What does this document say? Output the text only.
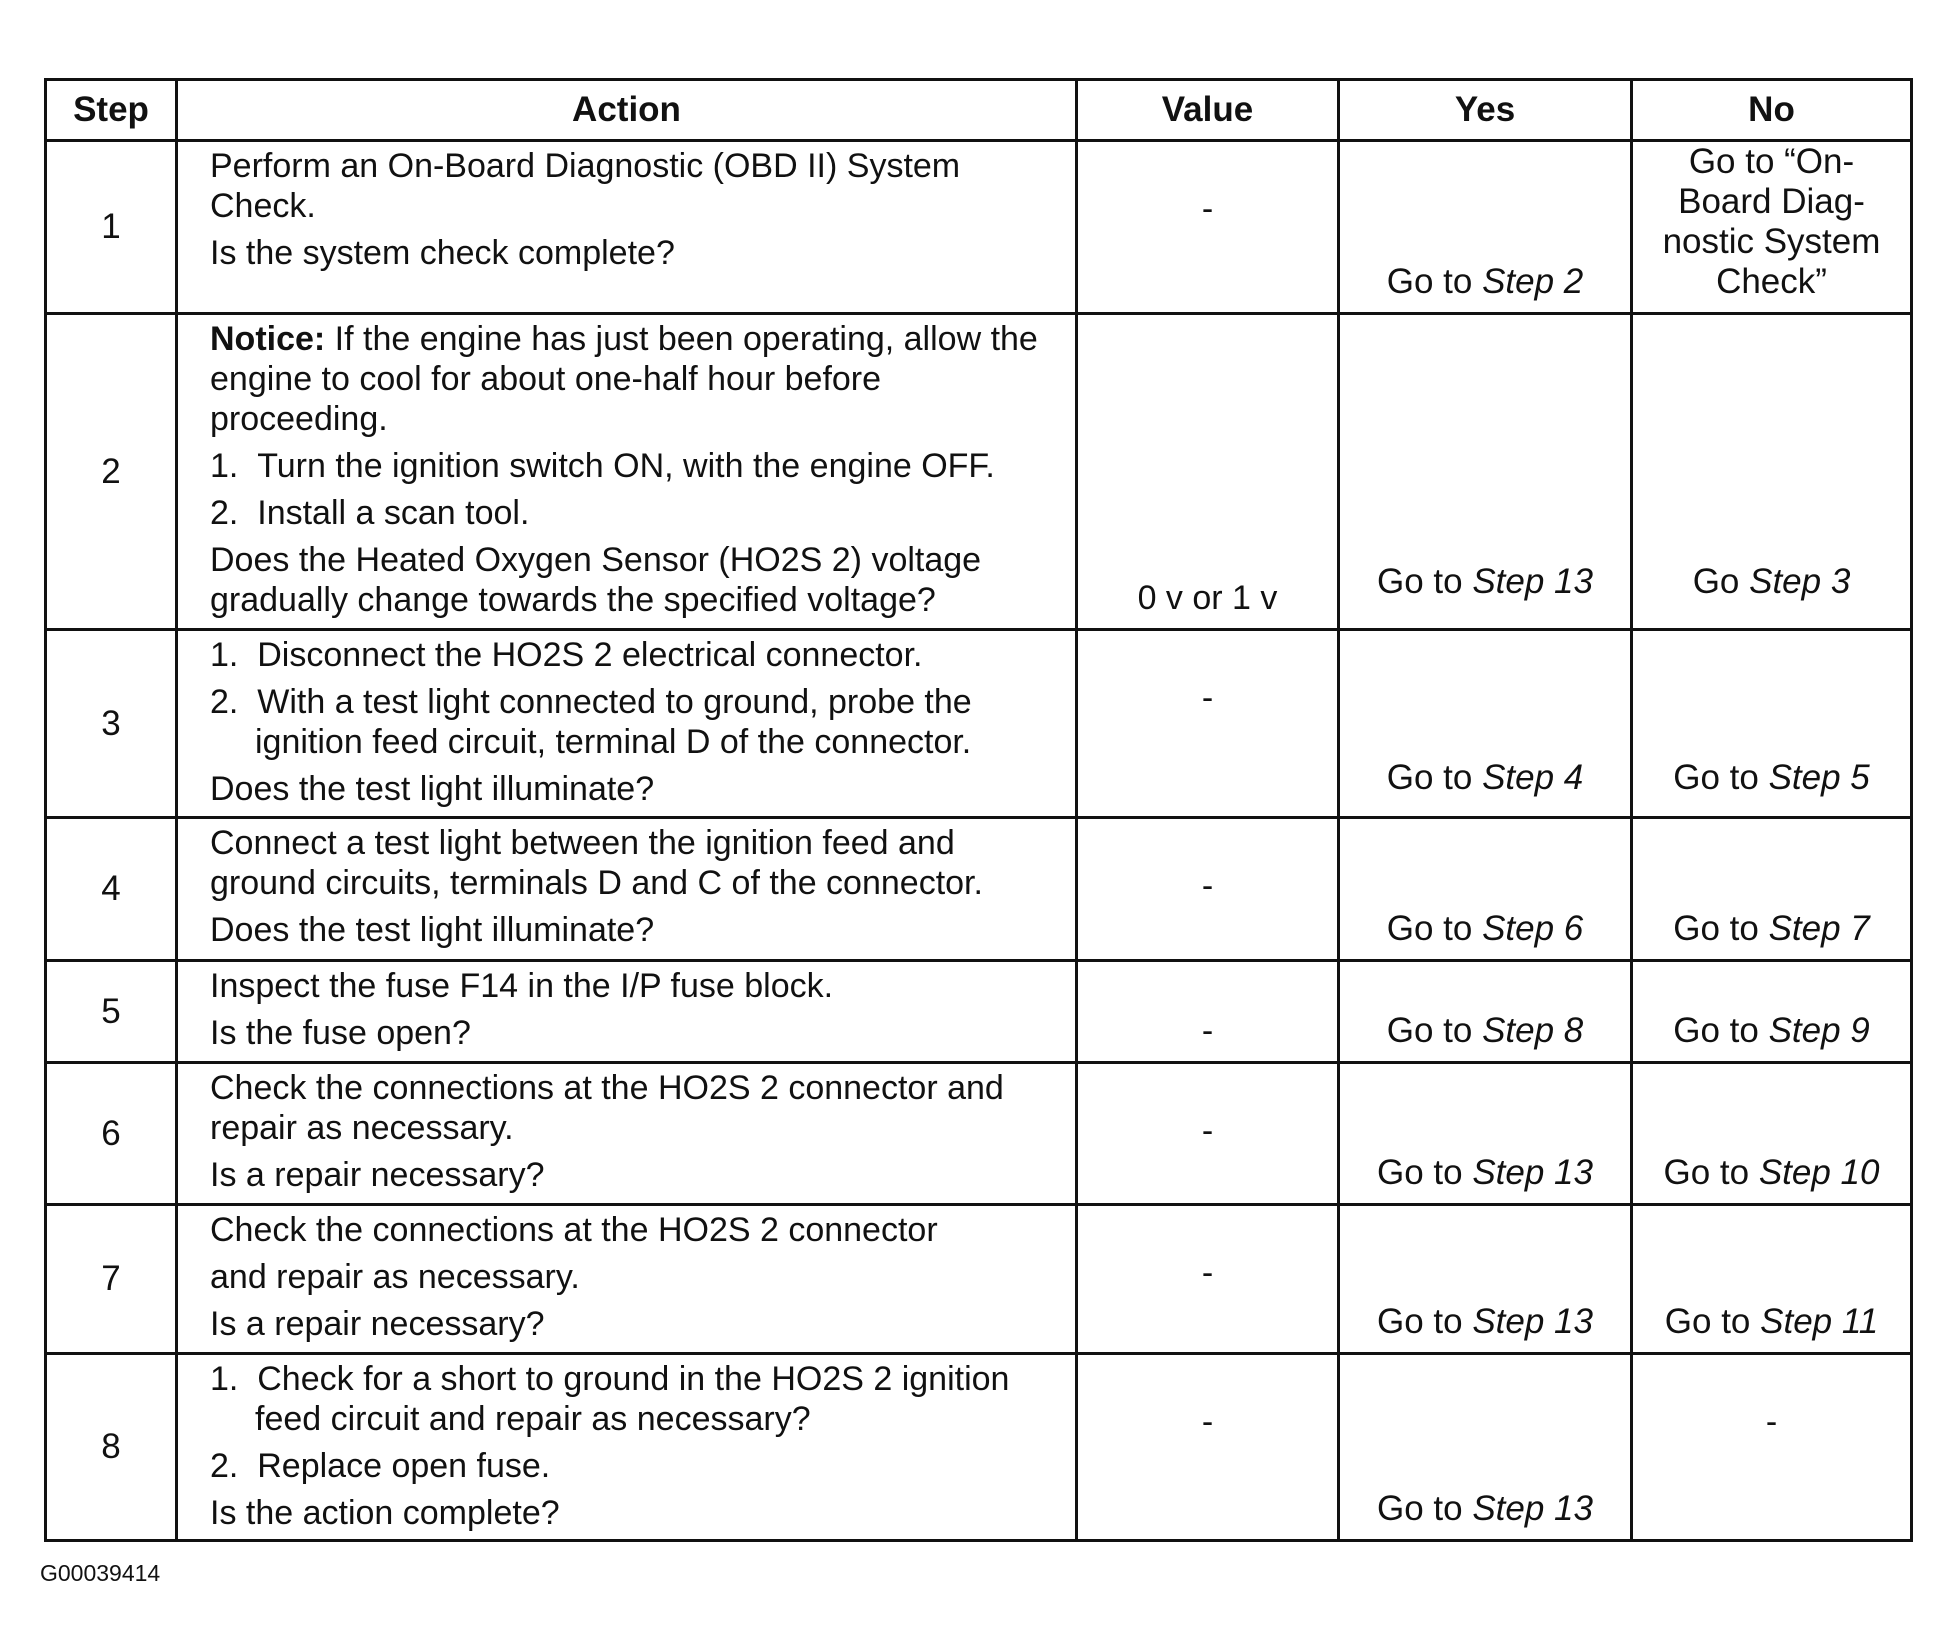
Step	Action	Value	Yes	No
1	Perform an On-Board Diagnostic (OBD II) System Check.
Is the system check complete?	-	Go to Step 2	Go to “On-Board Diag-nostic System Check”
2	Notice: If the engine has just been operating, allow the engine to cool for about one-half hour before proceeding.
1.  Turn the ignition switch ON, with the engine OFF.
2.  Install a scan tool.
Does the Heated Oxygen Sensor (HO2S 2) voltage gradually change towards the specified voltage?	0 v or 1 v	Go to Step 13	Go Step 3
3	1.  Disconnect the HO2S 2 electrical connector.
2.  With a test light connected to ground, probe the ignition feed circuit, terminal D of the connector.
Does the test light illuminate?	-	Go to Step 4	Go to Step 5
4	Connect a test light between the ignition feed and ground circuits, terminals D and C of the connector.
Does the test light illuminate?	-	Go to Step 6	Go to Step 7
5	Inspect the fuse F14 in the I/P fuse block.
Is the fuse open?	-	Go to Step 8	Go to Step 9
6	Check the connections at the HO2S 2 connector and repair as necessary.
Is a repair necessary?	-	Go to Step 13	Go to Step 10
7	Check the connections at the HO2S 2 connector
and repair as necessary.
Is a repair necessary?	-	Go to Step 13	Go to Step 11
8	1.  Check for a short to ground in the HO2S 2 ignition feed circuit and repair as necessary?
2.  Replace open fuse.
Is the action complete?	-	Go to Step 13	-
G00039414
